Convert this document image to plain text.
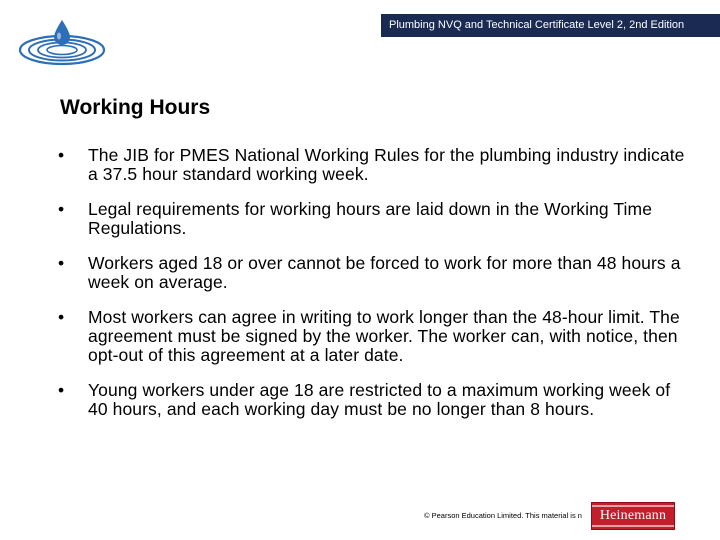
Plumbing NVQ and Technical Certificate Level 2, 2nd Edition
Working Hours
•	The JIB for PMES National Working Rules for the plumbing industry indicate a 37.5 hour standard working week.
•	Legal requirements for working hours are laid down in the Working Time Regulations.
•	Workers aged 18 or over cannot be forced to work for more than 48 hours a week on average.
•	Most workers can agree in writing to work longer than the 48-hour limit. The agreement must be signed by the worker. The worker can, with notice, then opt-out of this agreement at a later date.
•	Young workers under age 18 are restricted to a maximum working week of 40 hours, and each working day must be no longer than 8 hours.
© Pearson Education Limited. This material is n	Heinemann
